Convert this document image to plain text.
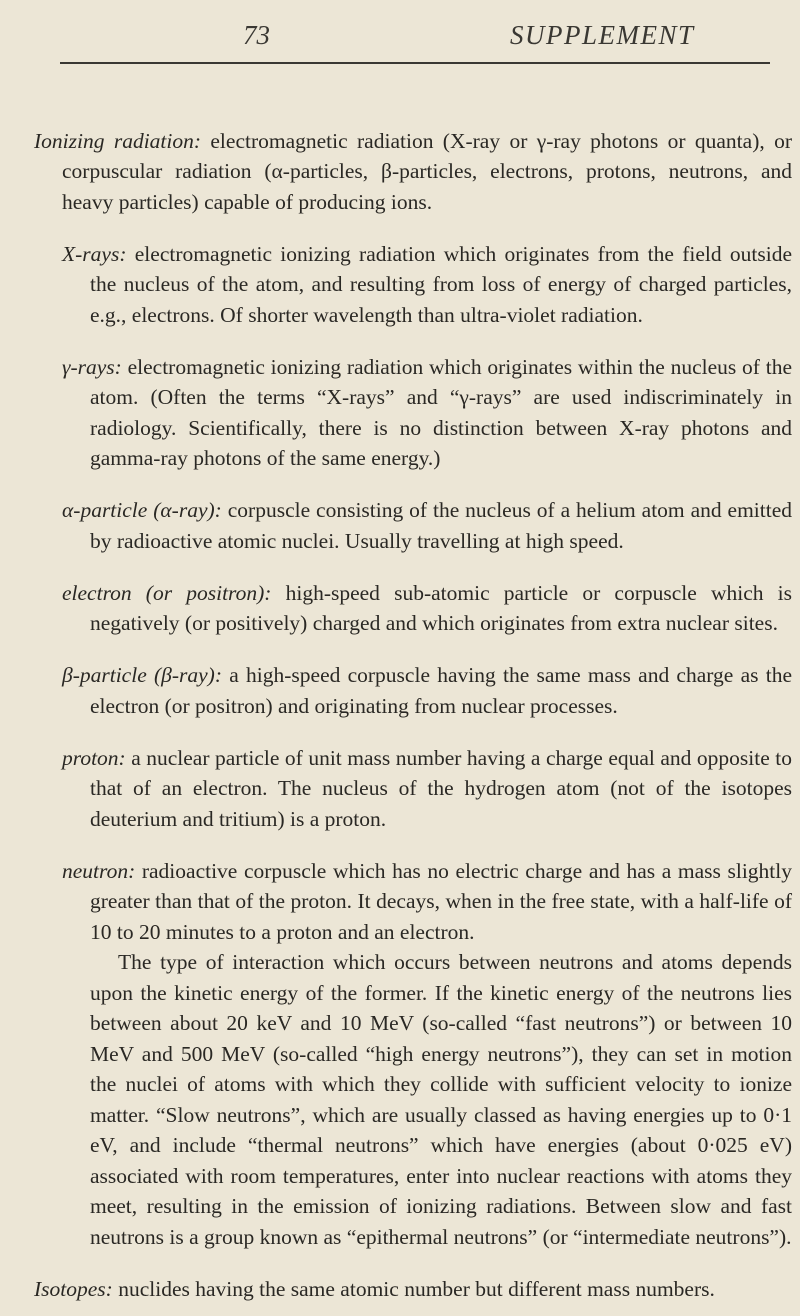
73	SUPPLEMENT

Ionizing radiation: electromagnetic radiation (X-ray or γ-ray photons or quanta), or corpuscular radiation (α-particles, β-particles, electrons, protons, neutrons, and heavy particles) capable of producing ions.

X-rays: electromagnetic ionizing radiation which originates from the field outside the nucleus of the atom, and resulting from loss of energy of charged particles, e.g., electrons. Of shorter wavelength than ultra-violet radiation.

γ-rays: electromagnetic ionizing radiation which originates within the nucleus of the atom. (Often the terms “X-rays” and “γ-rays” are used indiscriminately in radiology. Scientifically, there is no distinction between X-ray photons and gamma-ray photons of the same energy.)

α-particle (α-ray): corpuscle consisting of the nucleus of a helium atom and emitted by radioactive atomic nuclei. Usually travelling at high speed.

electron (or positron): high-speed sub-atomic particle or corpuscle which is negatively (or positively) charged and which originates from extra nuclear sites.

β-particle (β-ray): a high-speed corpuscle having the same mass and charge as the electron (or positron) and originating from nuclear processes.

proton: a nuclear particle of unit mass number having a charge equal and opposite to that of an electron. The nucleus of the hydrogen atom (not of the isotopes deuterium and tritium) is a proton.

neutron: radioactive corpuscle which has no electric charge and has a mass slightly greater than that of the proton. It decays, when in the free state, with a half-life of 10 to 20 minutes to a proton and an electron.
The type of interaction which occurs between neutrons and atoms depends upon the kinetic energy of the former. If the kinetic energy of the neutrons lies between about 20 keV and 10 MeV (so-called “fast neutrons”) or between 10 MeV and 500 MeV (so-called “high energy neutrons”), they can set in motion the nuclei of atoms with which they collide with sufficient velocity to ionize matter. “Slow neutrons”, which are usually classed as having energies up to 0·1 eV, and include “thermal neutrons” which have energies (about 0·025 eV) associated with room temperatures, enter into nuclear reactions with atoms they meet, resulting in the emission of ionizing radiations. Between slow and fast neutrons is a group known as “epithermal neutrons” (or “intermediate neutrons”).

Isotopes: nuclides having the same atomic number but different mass numbers.
